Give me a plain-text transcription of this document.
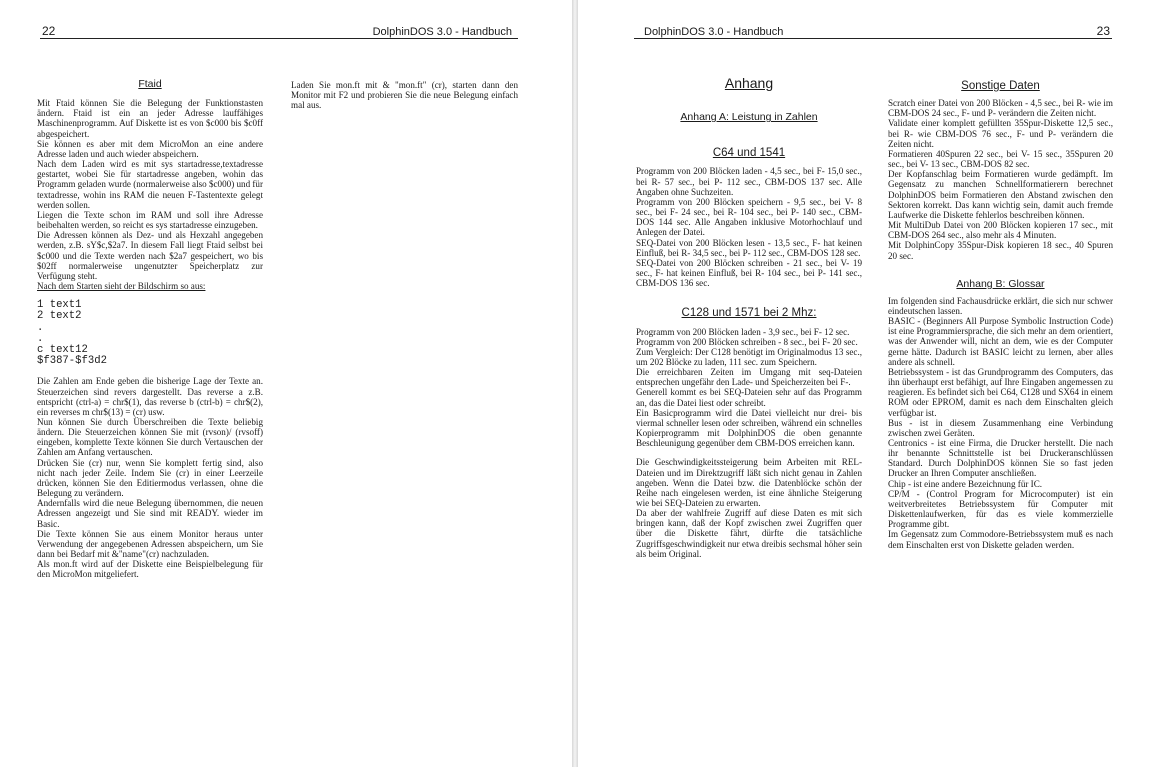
22	DolphinDOS 3.0 - Handbuch
Ftaid

Mit Ftaid können Sie die Belegung der Funktionstasten ändern. Ftaid ist ein an jeder Adresse lauffähiges Maschinenprogramm. Auf Diskette ist es von $c000 bis $c0ff abgespeichert.

Sie können es aber mit dem MicroMon an eine andere Adresse laden und auch wieder abspeichern.

Nach dem Laden wird es mit sys startadresse,textadresse gestartet, wobei Sie für startadresse angeben, wohin das Programm geladen wurde (normalerweise also $c000) und für textadresse, wohin ins RAM die neuen F-Tastentexte gelegt werden sollen.

Liegen die Texte schon im RAM und soll ihre Adresse beibehalten werden, so reicht es sys startadresse einzugeben.

Die Adressen können als Dez- und als Hexzahl angegeben werden, z.B. sY$c,$2a7. In diesem Fall liegt Ftaid selbst bei $c000 und die Texte werden nach $2a7 gespeichert, wo bis $02ff normalerweise ungenutzter Speicherplatz zur Verfügung steht.

Nach dem Starten sieht der Bildschirm so aus:

1 text1
2 text2
.
.
c text12
$f387-$f3d2

Die Zahlen am Ende geben die bisherige Lage der Texte an. Steuerzeichen sind revers dargestellt. Das reverse a z.B. entspricht (ctrl-a) = chr$(1), das reverse b (ctrl-b) = chr$(2), ein reverses m chr$(13) = (cr) usw.

Nun können Sie durch Überschreiben die Texte beliebig ändern. Die Steuerzeichen können Sie mit (rvson)/ (rvsoff) eingeben, komplette Texte können Sie durch Vertauschen der Zahlen am Anfang vertauschen.

Drücken Sie (cr) nur, wenn Sie komplett fertig sind, also nicht nach jeder Zeile. Indem Sie (cr) in einer Leerzeile drücken, können Sie den Editiermodus verlassen, ohne die Belegung zu verändern.

Andernfalls wird die neue Belegung übernommen, die neuen Adressen angezeigt und Sie sind mit READY. wieder im Basic.

Die Texte können Sie aus einem Monitor heraus unter Verwendung der angegebenen Adressen abspeichern, um Sie dann bei Bedarf mit &"name"(cr) nachzuladen.

Als mon.ft wird auf der Diskette eine Beispielbelegung für den MicroMon mitgeliefert.

Laden Sie mon.ft mit & "mon.ft" (cr), starten dann den Monitor mit F2 und probieren Sie die neue Belegung einfach mal aus.

DolphinDOS 3.0 - Handbuch	23
Anhang
Anhang A: Leistung in Zahlen
C64 und 1541

Programm von 200 Blöcken laden - 4,5 sec., bei F- 15,0 sec., bei R- 57 sec., bei P- 112 sec., CBM-DOS 137 sec. Alle Angaben ohne Suchzeiten.

Programm von 200 Blöcken speichern - 9,5 sec., bei V- 8 sec., bei F- 24 sec., bei R- 104 sec., bei P- 140 sec., CBM-DOS 144 sec. Alle Angaben inklusive Motorhochlauf und Anlegen der Datei.

SEQ-Datei von 200 Blöcken lesen - 13,5 sec., F- hat keinen Einfluß, bei R- 34,5 sec., bei P- 112 sec., CBM-DOS 128 sec.

SEQ-Datei von 200 Blöcken schreiben - 21 sec., bei V- 19 sec., F- hat keinen Einfluß, bei R- 104 sec., bei P- 141 sec., CBM-DOS 136 sec.

C128 und 1571 bei 2 Mhz:

Programm von 200 Blöcken laden - 3,9 sec., bei F- 12 sec.

Programm von 200 Blöcken schreiben - 8 sec., bei F- 20 sec.

Zum Vergleich: Der C128 benötigt im Originalmodus 13 sec., um 202 Blöcke zu laden, 111 sec. zum Speichern.

Die erreichbaren Zeiten im Umgang mit seq-Dateien entsprechen ungefähr den Lade- und Speicherzeiten bei F-.

Generell kommt es bei SEQ-Dateien sehr auf das Programm an, das die Datei liest oder schreibt.

Ein Basicprogramm wird die Datei vielleicht nur drei- bis viermal schneller lesen oder schreiben, während ein schnelles Kopierprogramm mit DolphinDOS die oben genannte Beschleunigung gegenüber dem CBM-DOS erreichen kann.

Die Geschwindigkeitssteigerung beim Arbeiten mit REL-Dateien und im Direktzugriff läßt sich nicht genau in Zahlen angeben. Wenn die Datei bzw. die Datenblöcke schön der Reihe nach eingelesen werden, ist eine ähnliche Steigerung wie bei SEQ-Dateien zu erwarten.

Da aber der wahlfreie Zugriff auf diese Daten es mit sich bringen kann, daß der Kopf zwischen zwei Zugriffen quer über die Diskette fährt, dürfte die tatsächliche Zugriffsgeschwindigkeit nur etwa dreibis sechsmal höher sein als beim Original.

Sonstige Daten

Scratch einer Datei von 200 Blöcken - 4,5 sec., bei R- wie im CBM-DOS 24 sec., F- und P- verändern die Zeiten nicht.

Validate einer komplett gefüllten 35Spur-Diskette 12,5 sec., bei R- wie CBM-DOS 76 sec., F- und P- verändern die Zeiten nicht.

Formatieren 40Spuren 22 sec., bei V- 15 sec., 35Spuren 20 sec., bei V- 13 sec., CBM-DOS 82 sec.

Der Kopfanschlag beim Formatieren wurde gedämpft. Im Gegensatz zu manchen Schnellformatierern berechnet DolphinDOS beim Formatieren den Abstand zwischen den Sektoren korrekt. Das kann wichtig sein, damit auch fremde Laufwerke die Diskette fehlerlos beschreiben können.

Mit MultiDub Datei von 200 Blöcken kopieren 17 sec., mit CBM-DOS 264 sec., also mehr als 4 Minuten.

Mit DolphinCopy 35Spur-Disk kopieren 18 sec., 40 Spuren 20 sec.

Anhang B: Glossar

Im folgenden sind Fachausdrücke erklärt, die sich nur schwer eindeutschen lassen.

BASIC - (Beginners All Purpose Symbolic Instruction Code) ist eine Programmiersprache, die sich mehr an dem orientiert, was der Anwender will, nicht an dem, wie es der Computer gerne hätte. Dadurch ist BASIC leicht zu lernen, aber alles andere als schnell.

Betriebssystem - ist das Grundprogramm des Computers, das ihn überhaupt erst befähigt, auf Ihre Eingaben angemessen zu reagieren. Es befindet sich bei C64, C128 und SX64 in einem ROM oder EPROM, damit es nach dem Einschalten gleich verfügbar ist.

Bus - ist in diesem Zusammenhang eine Verbindung zwischen zwei Geräten.

Centronics - ist eine Firma, die Drucker herstellt. Die nach ihr benannte Schnittstelle ist bei Druckeranschlüssen Standard. Durch DolphinDOS können Sie so fast jeden Drucker an Ihren Computer anschließen.

Chip - ist eine andere Bezeichnung für IC.

CP/M - (Control Program for Microcomputer) ist ein weitverbreitetes Betriebssystem für Computer mit Diskettenlaufwerken, für das es viele kommerzielle Programme gibt.

Im Gegensatz zum Commodore-Betriebssystem muß es nach dem Einschalten erst von Diskette geladen werden.
